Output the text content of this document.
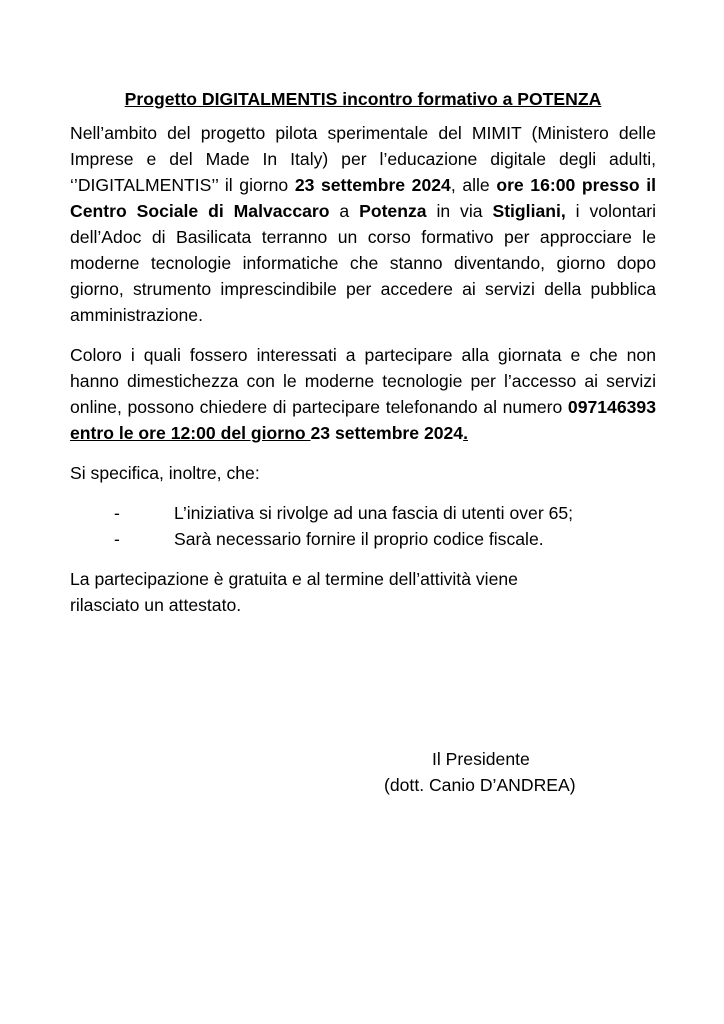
Progetto DIGITALMENTIS incontro formativo a POTENZA

Nell’ambito del progetto pilota sperimentale del MIMIT (Ministero delle Imprese e del Made In Italy) per l’educazione digitale degli adulti, ‘’DIGITALMENTIS’’ il giorno 23 settembre 2024, alle ore 16:00 presso il Centro Sociale di Malvaccaro a Potenza in via Stigliani, i volontari dell’Adoc di Basilicata terranno un corso formativo per approcciare le moderne tecnologie informatiche che stanno diventando, giorno dopo giorno, strumento imprescindibile per accedere ai servizi della pubblica amministrazione.

Coloro i quali fossero interessati a partecipare alla giornata e che non hanno dimestichezza con le moderne tecnologie per l’accesso ai servizi online, possono chiedere di partecipare telefonando al numero 097146393 entro le ore 12:00 del giorno 23 settembre 2024.

Si specifica, inoltre, che:

-	L’iniziativa si rivolge ad una fascia di utenti over 65;
-	Sarà necessario fornire il proprio codice fiscale.

La partecipazione è gratuita e al termine dell’attività viene rilasciato un attestato.

Il Presidente
(dott. Canio D’ANDREA)
